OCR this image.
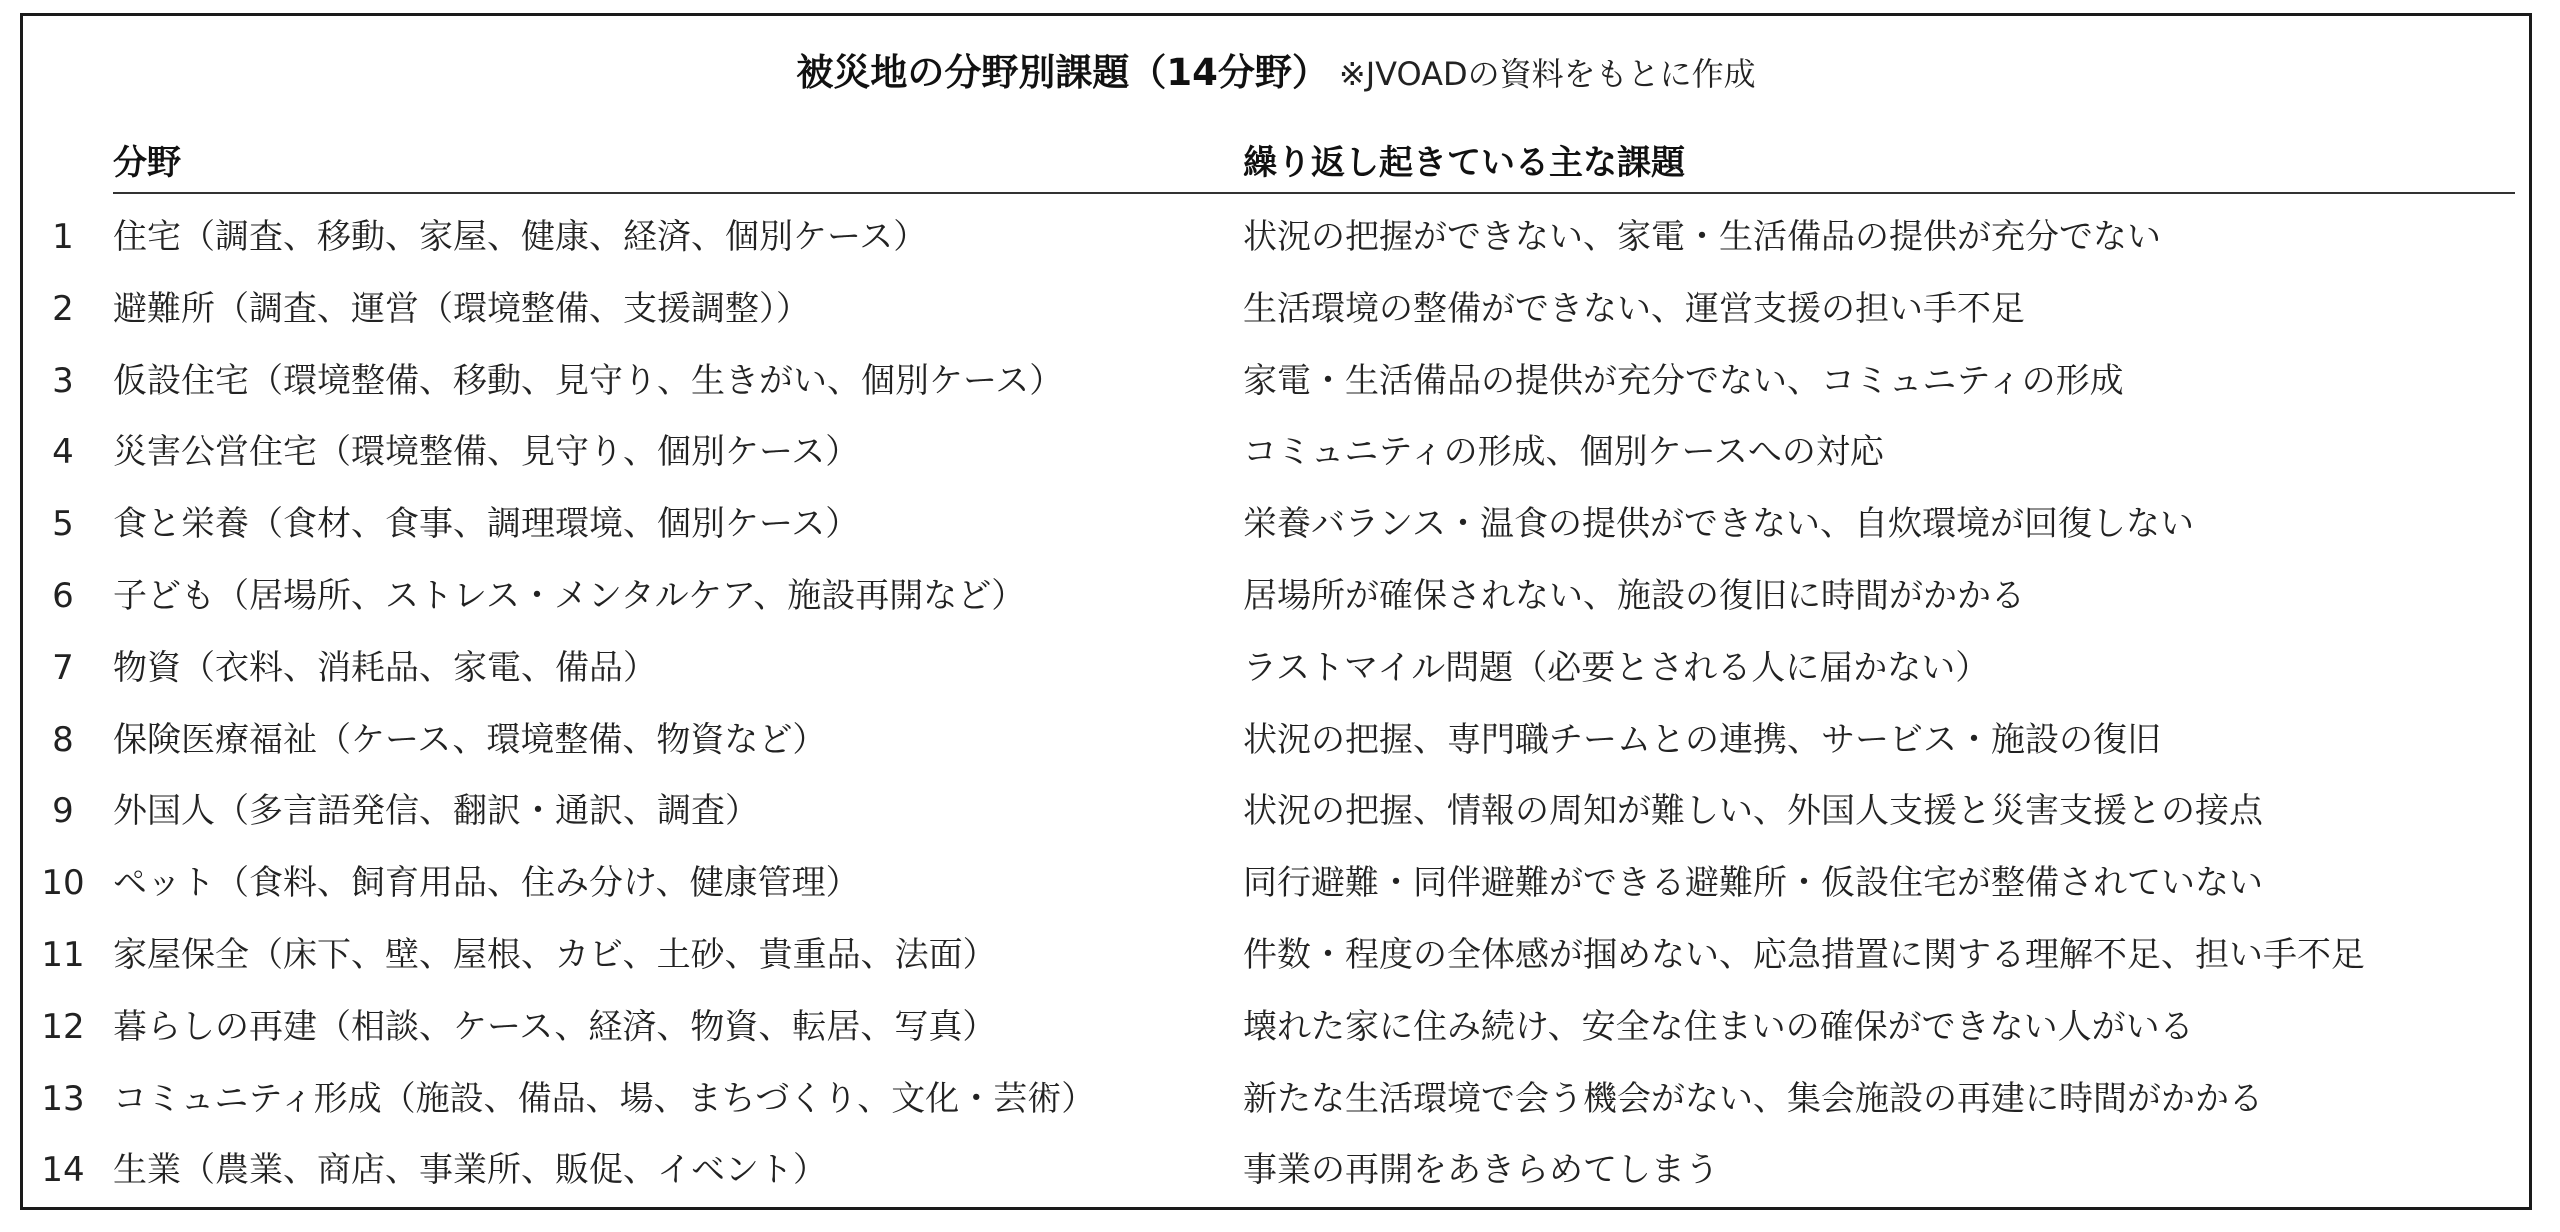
被災地の分野別課題（14分野） ※JVOADの資料をもとに作成
分野	繰り返し起きている主な課題
1	住宅（調査、移動、家屋、健康、経済、個別ケース）	状況の把握ができない、家電・生活備品の提供が充分でない
2	避難所（調査、運営（環境整備、支援調整））	生活環境の整備ができない、運営支援の担い手不足
3	仮設住宅（環境整備、移動、見守り、生きがい、個別ケース）	家電・生活備品の提供が充分でない、コミュニティの形成
4	災害公営住宅（環境整備、見守り、個別ケース）	コミュニティの形成、個別ケースへの対応
5	食と栄養（食材、食事、調理環境、個別ケース）	栄養バランス・温食の提供ができない、自炊環境が回復しない
6	子ども（居場所、ストレス・メンタルケア、施設再開など）	居場所が確保されない、施設の復旧に時間がかかる
7	物資（衣料、消耗品、家電、備品）	ラストマイル問題（必要とされる人に届かない）
8	保険医療福祉（ケース、環境整備、物資など）	状況の把握、専門職チームとの連携、サービス・施設の復旧
9	外国人（多言語発信、翻訳・通訳、調査）	状況の把握、情報の周知が難しい、外国人支援と災害支援との接点
10 ペット（食料、飼育用品、住み分け、健康管理）	同行避難・同伴避難ができる避難所・仮設住宅が整備されていない
11 家屋保全（床下、壁、屋根、カビ、土砂、貴重品、法面）	件数・程度の全体感が掴めない、応急措置に関する理解不足、担い手不足
12 暮らしの再建（相談、ケース、経済、物資、転居、写真）	壊れた家に住み続け、安全な住まいの確保ができない人がいる
13 コミュニティ形成（施設、備品、場、まちづくり、文化・芸術）	新たな生活環境で会う機会がない、集会施設の再建に時間がかかる
14 生業（農業、商店、事業所、販促、イベント）	事業の再開をあきらめてしまう
